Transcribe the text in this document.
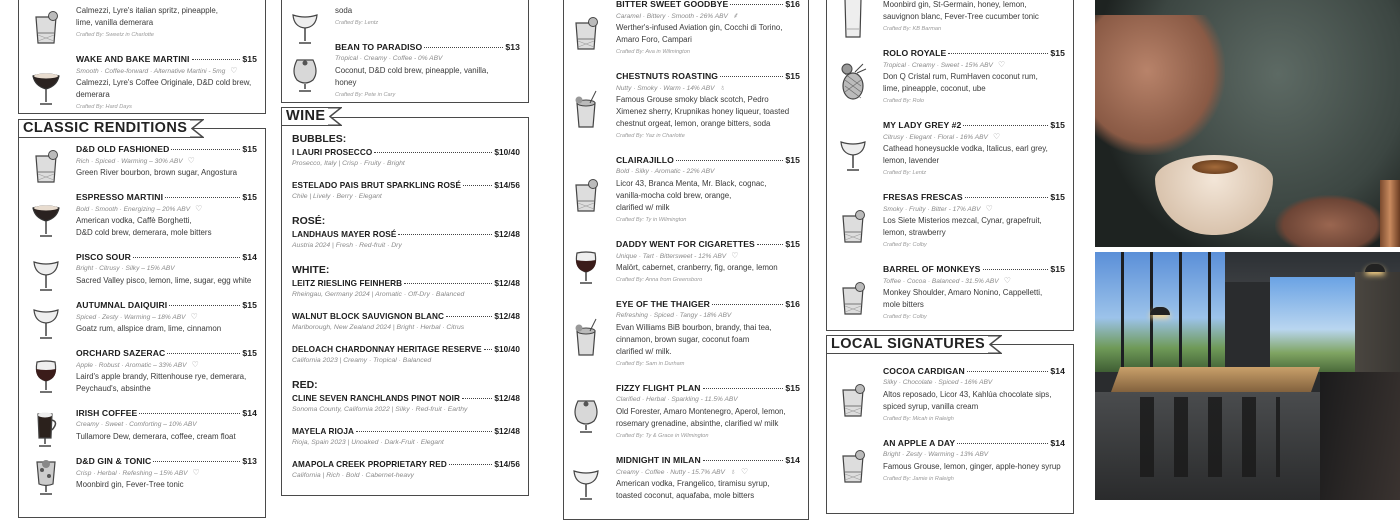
Calmezzi, Lyre's italian spritz, pineapple,
lime, vanilla demerara
Crafted By: Sweetz in Charlotte
WAKE AND BAKE MARTINI	$15
Smooth · Coffee-forward · Alternative Martini - 5mg ♡
Calmezzi, Lyre's Coffee Originale, D&D cold brew,
demerara
Crafted By: Hard Days
D&D OLD FASHIONED	$15
Rich · Spiced · Warming – 30% ABV ♡
Green River bourbon, brown sugar, Angostura
ESPRESSO MARTINI	$15
Bold · Smooth · Energizing – 20% ABV ♡
American vodka, Caffè Borghetti,
D&D cold brew, demerara, mole bitters
PISCO SOUR	$14
Bright · Citrusy · Silky – 15% ABV
Sacred Valley pisco, lemon, lime, sugar, egg white
AUTUMNAL DAIQUIRI	$15
Spiced · Zesty · Warming – 18% ABV ♡
Goatz rum, allspice dram, lime, cinnamon
ORCHARD SAZERAC	$15
Apple · Robust · Aromatic – 33% ABV ♡
Laird's apple brandy, Rittenhouse rye, demerara,
Peychaud's, absinthe
IRISH COFFEE	$14
Creamy · Sweet · Comforting – 10% ABV
Tullamore Dew, demerara, coffee, cream float
D&D GIN & TONIC	$13
Crisp · Herbal · Refeshing – 15% ABV ♡
Moonbird gin, Fever-Tree tonic
CLASSIC RENDITIONS
soda
Crafted By: Lentz
BEAN TO PARADISO	$13
Tropical · Creamy · Coffee - 0% ABV
Coconut, D&D cold brew, pineapple, vanilla,
honey
Crafted By: Pete in Cary
BUBBLES:
I LAURI PROSECCO	$10/40
Prosecco, Italy | Crisp · Fruity · Bright
ESTELADO PAIS BRUT SPARKLING ROSÉ	$14/56
Chile | Lively · Berry · Elegant
ROSÉ:
LANDHAUS MAYER ROSÉ	$12/48
Austria 2024 | Fresh · Red-fruit · Dry
WHITE:
LEITZ RIESLING FEINHERB	$12/48
Rheingau, Germany 2024 | Aromatic · Off-Dry · Balanced
WALNUT BLOCK SAUVIGNON BLANC	$12/48
Marlborough, New Zealand 2024 | Bright · Herbal · Citrus
DELOACH CHARDONNAY HERITAGE RESERVE $10/40
California 2023 | Creamy · Tropical · Balanced
RED:
CLINE SEVEN RANCHLANDS PINOT NOIR	$12/48
Sonoma County, California 2022 | Silky · Red-fruit · Earthy
MAYELA RIOJA	$12/48
Rioja, Spain 2023 | Unoaked · Dark-Fruit · Elegant
AMAPOLA CREEK PROPRIETARY RED	$14/56
California | Rich · Bold · Cabernet-heavy
WINE
BITTER SWEET GOODBYE	$16
Caramel · Bittery · Smooth - 26% ABV ⸙
Werther's-infused Aviation gin, Cocchi di Torino,
Amaro Foro, Campari
Crafted By: Ava in Wilmington
CHESTNUTS ROASTING	$15
Nutty · Smoky · Warm - 14% ABV ♁
Famous Grouse smoky black scotch, Pedro
Ximenez sherry, Krupnikas honey liqueur, toasted
chestnut orgeat, lemon, orange bitters, soda
Crafted By: Yaz in Charlotte
CLAIRAJILLO	$15
Bold · Silky · Aromatic - 22% ABV
Licor 43, Branca Menta, Mr. Black, cognac,
vanilla-mocha cold brew, orange,
clarified w/ milk
Crafted By: Ty in Wilmington
DADDY WENT FOR CIGARETTES	$15
Unique · Tart · Bittersweet - 12% ABV ♡
Malört, cabernet, cranberry, fig, orange, lemon
Crafted By: Anna from Greensboro
EYE OF THE THAIGER	$16
Refreshing · Spiced · Tangy - 18% ABV
Evan Williams BiB bourbon, brandy, thai tea,
cinnamon, brown sugar, coconut foam
clarified w/ milk.
Crafted By: Sam in Durham
FIZZY FLIGHT PLAN	$15
Clarified · Herbal · Sparkling - 11.5% ABV
Old Forester, Amaro Montenegro, Aperol, lemon,
rosemary grenadine, absinthe, clarified w/ milk
Crafted By: Ty & Grace in Wilmington
MIDNIGHT IN MILAN	$14
Creamy · Coffee · Nutty - 15.7% ABV ♁ ♡
American vodka, Frangelico, tiramisu syrup,
toasted coconut, aquafaba, mole bitters
Moonbird gin, St-Germain, honey, lemon,
sauvignon blanc, Fever-Tree cucumber tonic
Crafted By: KB Barman
ROLO ROYALE	$15
Tropical · Creamy · Sweet - 15% ABV ♡
Don Q Cristal rum, RumHaven coconut rum,
lime, pineapple, coconut, ube
Crafted By: Rolo
MY LADY GREY #2	$15
Citrusy · Elegant · Floral - 16% ABV ♡
Cathead honeysuckle vodka, Italicus, earl grey,
lemon, lavender
Crafted By: Lentz
FRESAS FRESCAS	$15
Smoky · Fruity · Bitter - 17% ABV ♡
Los Siete Misterios mezcal, Cynar, grapefruit,
lemon, strawberry
Crafted By: Colby
BARREL OF MONKEYS	$15
Toffee · Cocoa · Balanced - 31.5% ABV ♡
Monkey Shoulder, Amaro Nonino, Cappelletti,
mole bitters
Crafted By: Colby
COCOA CARDIGAN	$14
Silky · Chocolate · Spiced - 16% ABV
Altos reposado, Licor 43, Kahlúa chocolate sips,
spiced syrup, vanilla cream
Crafted By: Micah in Raleigh
AN APPLE A DAY	$14
Bright · Zesty · Warming - 13% ABV
Famous Grouse, lemon, ginger, apple-honey syrup
Crafted By: Jamie in Raleigh
LOCAL SIGNATURES
